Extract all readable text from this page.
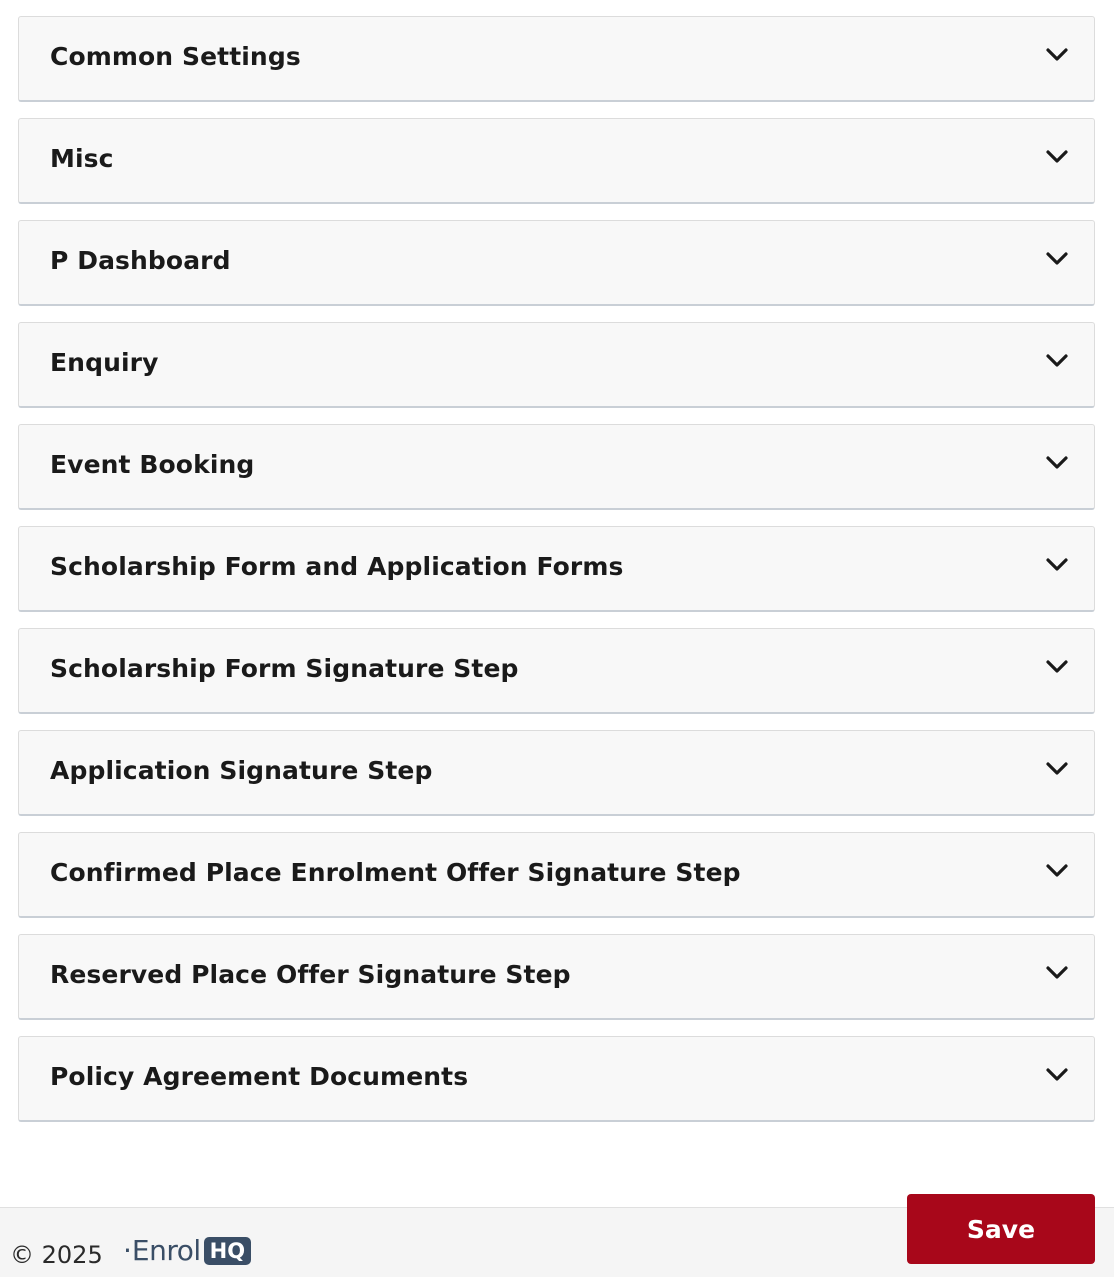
Common Settings
Misc
P Dashboard
Enquiry
Event Booking
Scholarship Form and Application Forms
Scholarship Form Signature Step
Application Signature Step
Confirmed Place Enrolment Offer Signature Step
Reserved Place Offer Signature Step
Policy Agreement Documents
© 2025 · Enrol HQ
Save
